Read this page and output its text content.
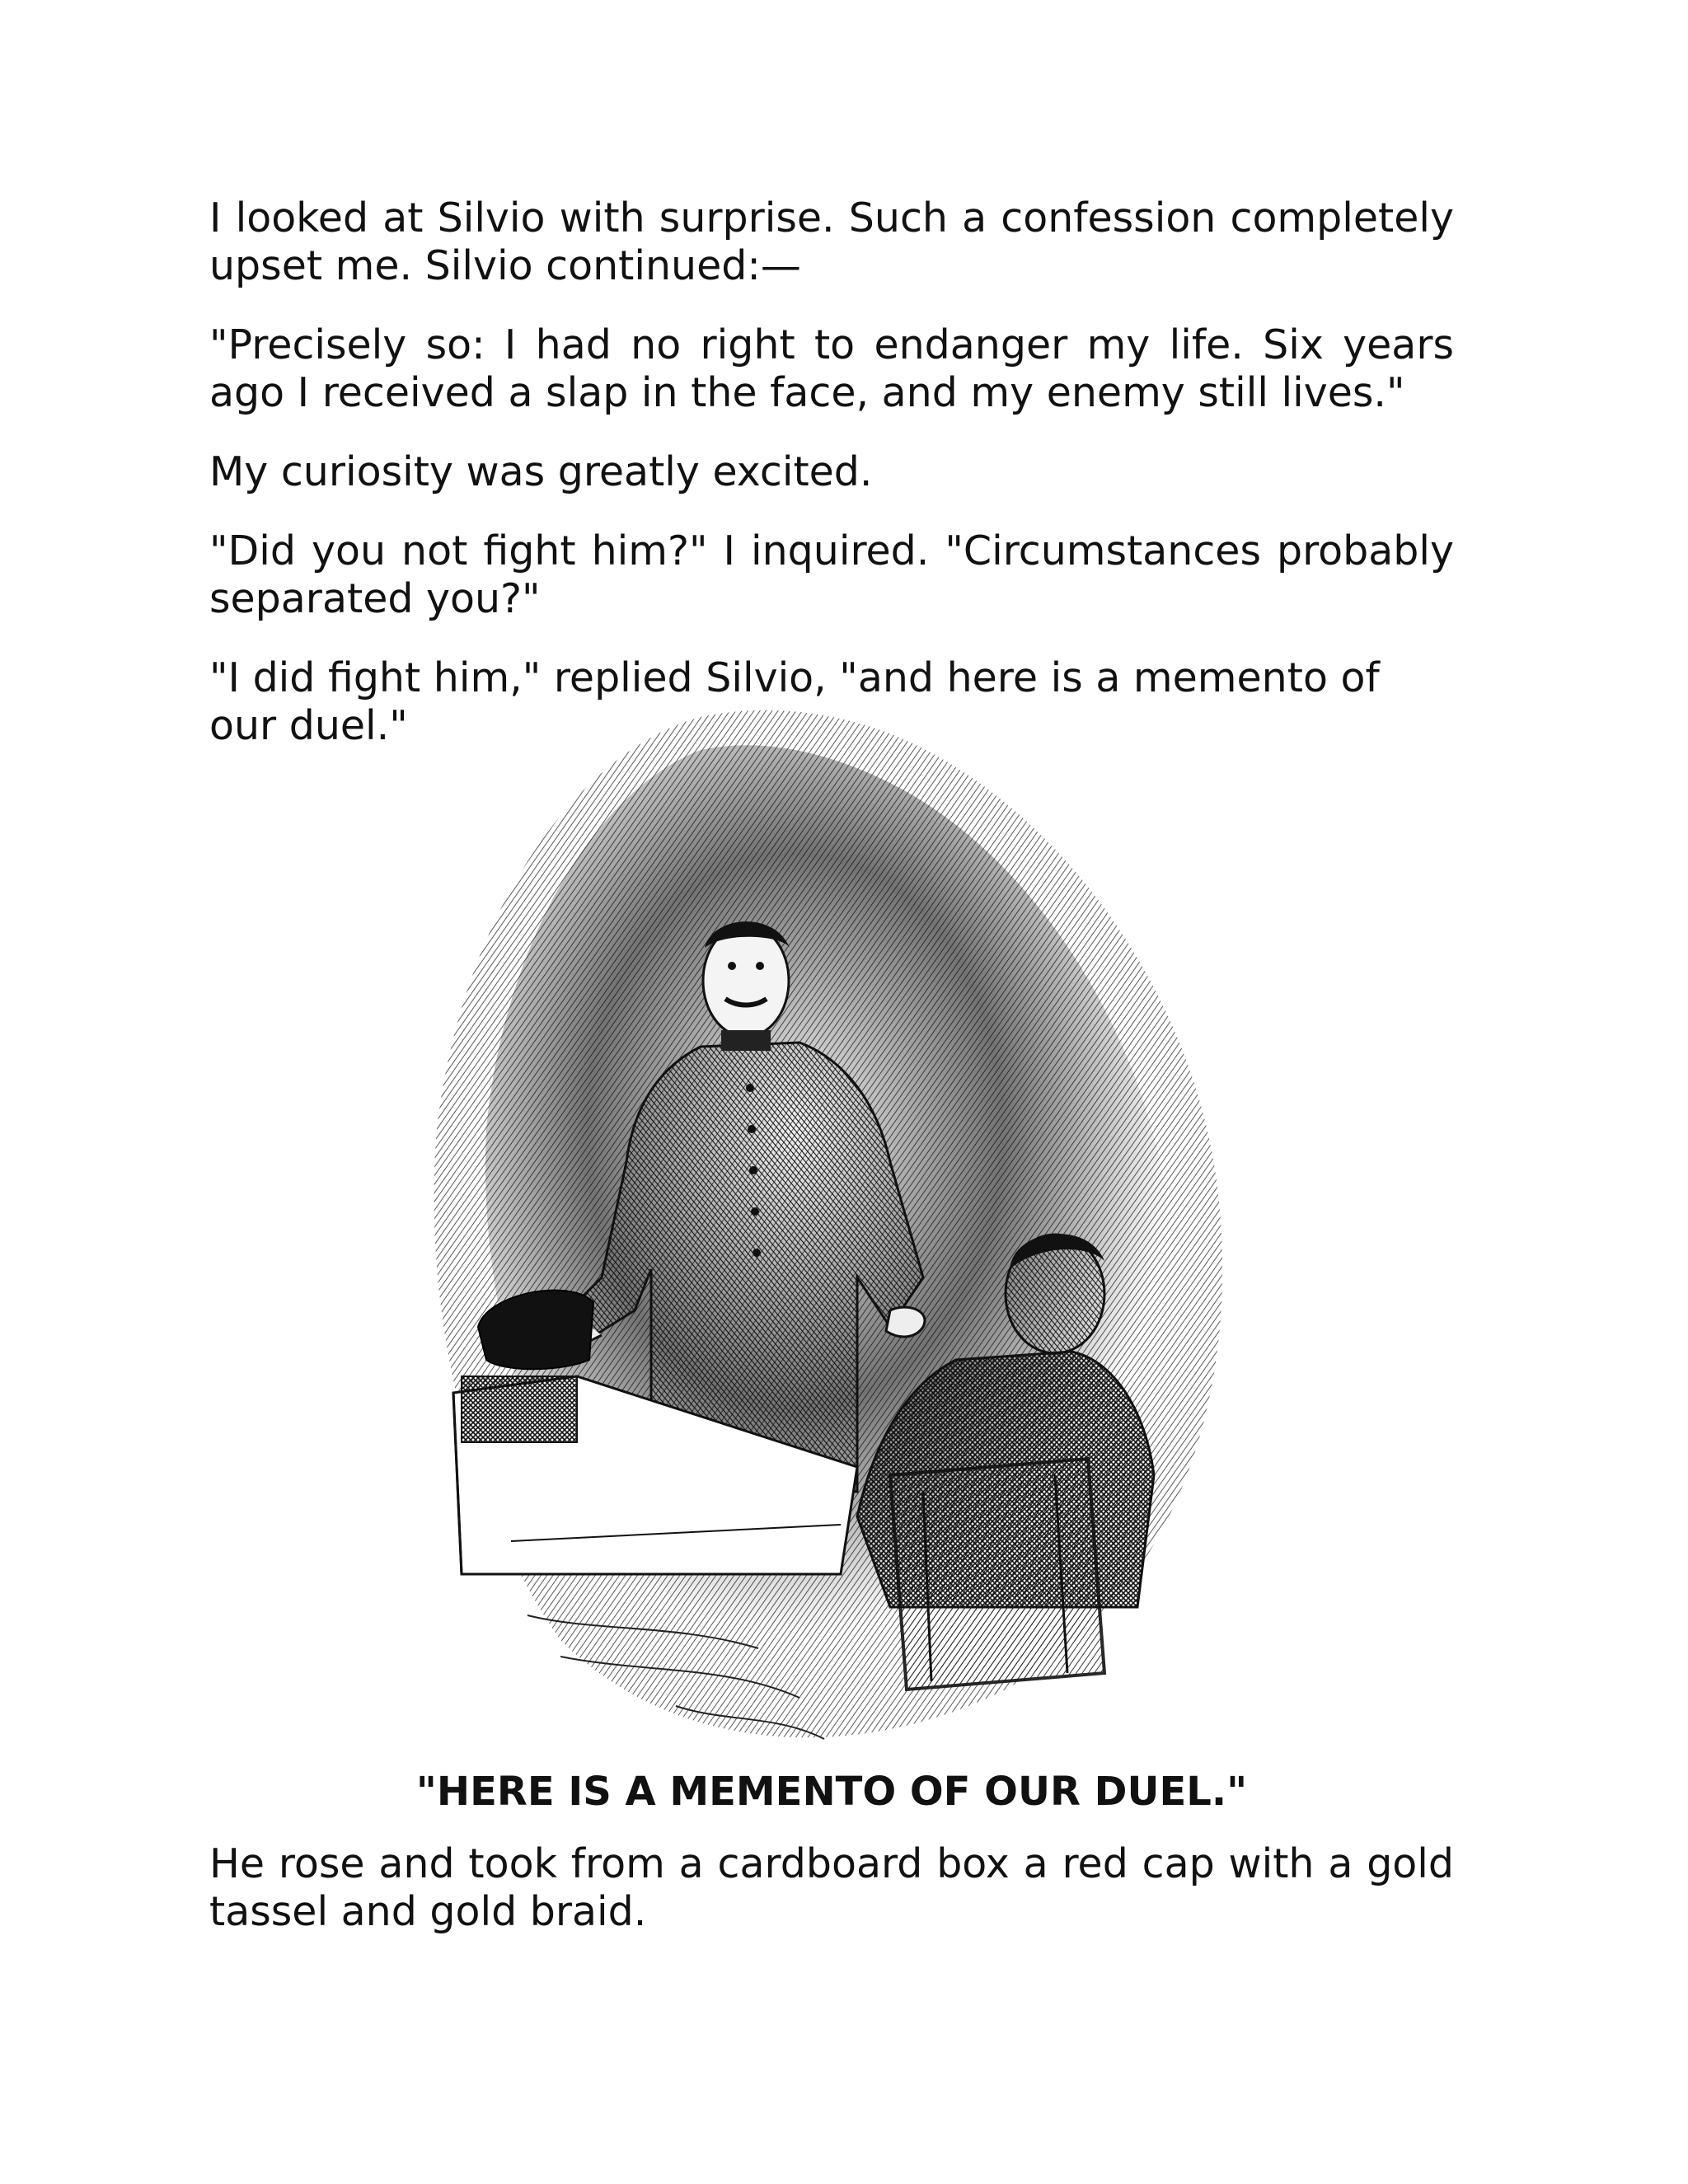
I looked at Silvio with surprise. Such a confession completely upset me. Silvio continued:—

"Precisely so: I had no right to endanger my life. Six years ago I received a slap in the face, and my enemy still lives."

My curiosity was greatly excited.

"Did you not fight him?" I inquired. "Circumstances probably separated you?"

"I did fight him," replied Silvio, "and here is a memento of our duel."

"HERE IS A MEMENTO OF OUR DUEL."

He rose and took from a cardboard box a red cap with a gold tassel and gold braid.
